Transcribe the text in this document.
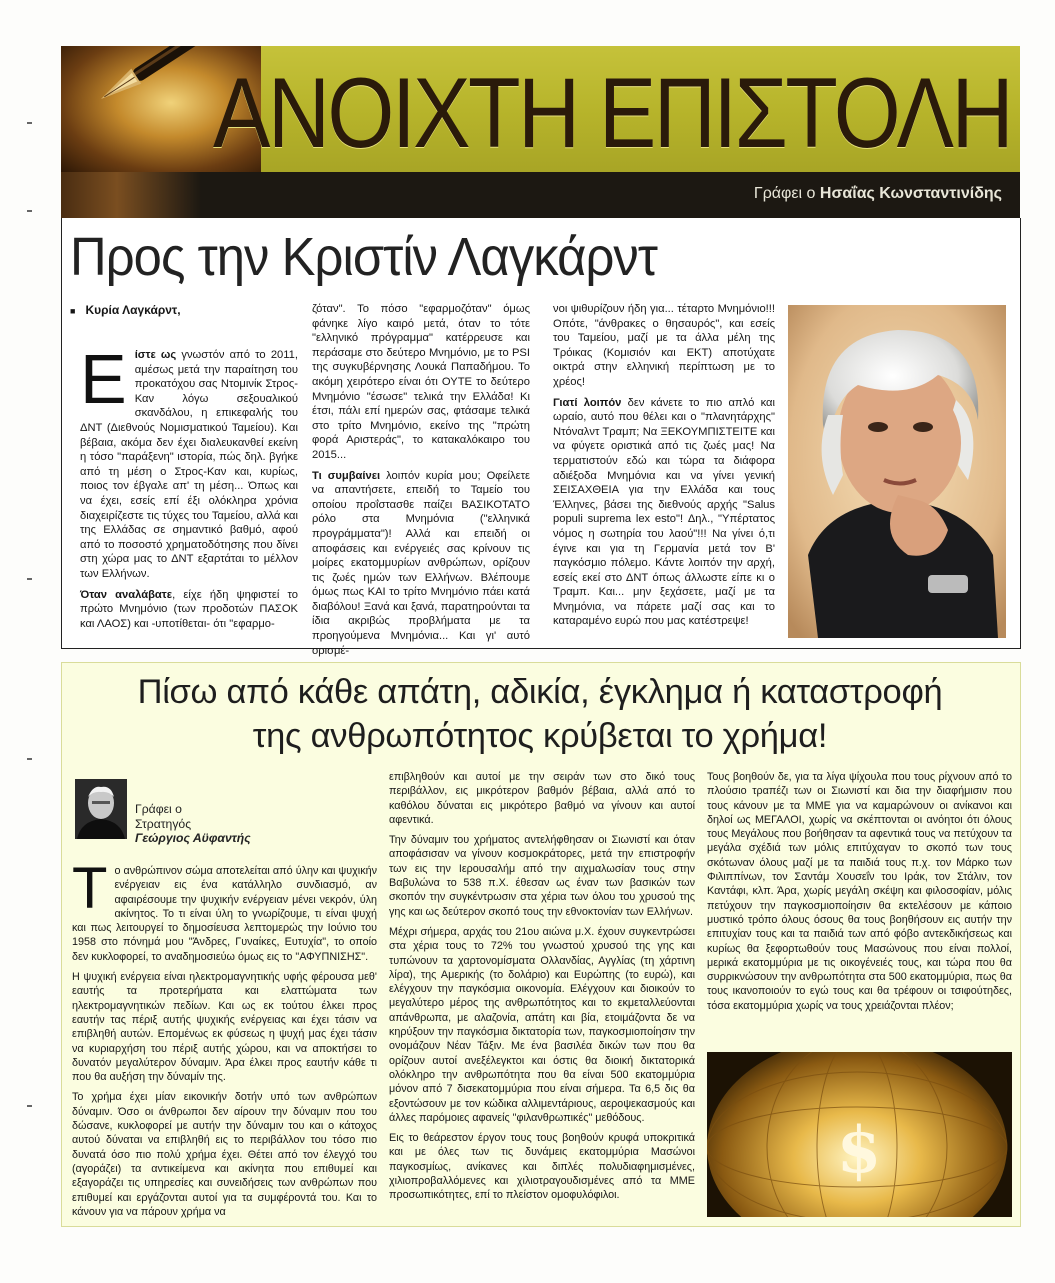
ΑΝΟΙΧΤΗ ΕΠΙΣΤΟΛΗ
Γράφει ο Ησαΐας Κωνσταντινίδης
Προς την Κριστίν Λαγκάρντ
■ Κυρία Λαγκάρντ,

Ε ίστε ως γνωστόν από το 2011, αμέσως μετά την παραίτηση του προκατόχου σας Ντομινίκ Στρος-Καν λόγω σεξουαλικού σκανδάλου, η επικεφαλής του ΔΝΤ (Διεθνούς Νομισματικού Ταμείου). Και βέβαια, ακόμα δεν έχει διαλευκανθεί εκείνη η τόσο "παράξενη" ιστορία, πώς δηλ. βγήκε από τη μέση ο Στρος-Καν και, κυρίως, ποιος τον έβγαλε απ' τη μέση... Όπως και να έχει, εσείς επί έξι ολόκληρα χρόνια διαχειρίζεστε τις τύχες του Ταμείου, αλλά και της Ελλάδας σε σημαντικό βαθμό, αφού από το ποσοστό χρηματοδότησης που δίνει στη χώρα μας το ΔΝΤ εξαρτάται το μέλλον των Ελλήνων.

Όταν αναλάβατε, είχε ήδη ψηφιστεί το πρώτο Μνημόνιο (των προδοτών ΠΑΣΟΚ και ΛΑΟΣ) και -υποτίθεται- ότι "εφαρμο-

ζόταν". Το πόσο "εφαρμοζόταν" όμως φάνηκε λίγο καιρό μετά, όταν το τότε "ελληνικό πρόγραμμα" κατέρρευσε και περάσαμε στο δεύτερο Μνημόνιο, με το PSI της συγκυβέρνησης Λουκά Παπαδήμου. Το ακόμη χειρότερο είναι ότι ΟΥΤΕ το δεύτερο Μνημόνιο "έσωσε" τελικά την Ελλάδα! Κι έτσι, πάλι επί ημερών σας, φτάσαμε τελικά στο τρίτο Μνημόνιο, εκείνο της "πρώτη φορά Αριστεράς", το κατακαλόκαιρο του 2015...

Τι συμβαίνει λοιπόν κυρία μου; Οφείλετε να απαντήσετε, επειδή το Ταμείο του οποίου προΐστασθε παίζει ΒΑΣΙΚΟΤΑΤΟ ρόλο στα Μνημόνια ("ελληνικά προγράμματα")! Αλλά και επειδή οι αποφάσεις και ενέργειές σας κρίνουν τις μοίρες εκατομμυρίων ανθρώπων, ορίζουν τις ζωές ημών των Ελλήνων. Βλέπουμε όμως πως ΚΑΙ το τρίτο Μνημόνιο πάει κατά διαβόλου! Ξανά και ξανά, παρατηρούνται τα ίδια ακριβώς προβλήματα με τα προηγούμενα Μνημόνια... Και γι' αυτό ορισμέ-

νοι ψιθυρίζουν ήδη για... τέταρτο Μνημόνιο!!! Οπότε, "άνθρακες ο θησαυρός", και εσείς του Ταμείου, μαζί με τα άλλα μέλη της Τρόικας (Κομισιόν και ΕΚΤ) αποτύχατε οικτρά στην ελληνική περίπτωση με το χρέος!

Γιατί λοιπόν δεν κάνετε το πιο απλό και ωραίο, αυτό που θέλει και ο "πλανητάρχης" Ντόναλντ Τραμπ; Να ΞΕΚΟΥΜΠΙΣΤΕΙΤΕ και να φύγετε οριστικά από τις ζωές μας! Να τερματιστούν εδώ και τώρα τα διάφορα αδιέξοδα Μνημόνια και να γίνει γενική ΣΕΙΣΑΧΘΕΙΑ για την Ελλάδα και τους Έλληνες, βάσει της διεθνούς αρχής "Salus populi suprema lex esto"! Δηλ., "Υπέρτατος νόμος η σωτηρία του λαού"!!! Να γίνει ό,τι έγινε και για τη Γερμανία μετά τον Β' παγκόσμιο πόλεμο. Κάντε λοιπόν την αρχή, εσείς εκεί στο ΔΝΤ όπως άλλωστε είπε κι ο Τραμπ. Και... μην ξεχάσετε, μαζί με τα Μνημόνια, να πάρετε μαζί σας και το καταραμένο ευρώ που μας κατέστρεψε!

Πίσω από κάθε απάτη, αδικία, έγκλημα ή καταστροφή
της ανθρωπότητος κρύβεται το χρήμα!
Γράφει ο
Στρατηγός
Γεώργιος Αϋφαντής

Το ανθρώπινον σώμα αποτελείται από ύλην και ψυχικήν ενέργειαν εις ένα κατάλληλο συνδιασμό, αν αφαιρέσουμε την ψυχικήν ενέργειαν μένει νεκρόν, ύλη ακίνητος. Το τι είναι ύλη το γνωρίζουμε, τι είναι ψυχή και πως λειτουργεί το δημοσίευσα λεπτομερώς την Ιούνιο του 1958 στο πόνημά μου "Άνδρες, Γυναίκες, Ευτυχία", το οποίο δεν κυκλοφορεί, το αναδημοσιεύω όμως εις το "ΑΦΥΠΝΙΣΗΣ".

Η ψυχική ενέργεια είναι ηλεκτρομαγνητικής υφής φέρουσα μεθ' εαυτής τα προτερήματα και ελαττώματα των ηλεκτρομαγνητικών πεδίων. Και ως εκ τούτου έλκει προς εαυτήν τας πέριξ αυτής ψυχικής ενέργειας και έχει τάσιν να επιβληθή αυτών. Επομένως εκ φύσεως η ψυχή μας έχει τάσιν να κυριαρχήση του πέριξ αυτής χώρου, και να αποκτήσει το δυνατόν μεγαλύτερον δύναμιν. Άρα έλκει προς εαυτήν κάθε τι που θα αυξήση την δύναμίν της.

Το χρήμα έχει μίαν εικονικήν δοτήν υπό των ανθρώπων δύναμιν. Όσο οι άνθρωποι δεν αίρουν την δύναμιν που του δώσανε, κυκλοφορεί με αυτήν την δύναμιν του και ο κάτοχος αυτού δύναται να επιβληθή εις το περιβάλλον του τόσο πιο δυνατά όσο πιο πολύ χρήμα έχει. Θέτει από τον έλεγχό του (αγοράζει) τα αντικείμενα και ακίνητα που επιθυμεί και εξαγοράζει τις υπηρεσίες και συνειδήσεις των ανθρώπων που επιθυμεί και εργάζονται αυτοί για τα συμφέροντά του. Και το κάνουν για να πάρουν χρήμα να

επιβληθούν και αυτοί με την σειράν των στο δικό τους περιβάλλον, εις μικρότερον βαθμόν βέβαια, αλλά από το καθόλου δύναται εις μικρότερο βαθμό να γίνουν και αυτοί αφεντικά.

Την δύναμιν του χρήματος αντελήφθησαν οι Σιωνιστί και όταν αποφάσισαν να γίνουν κοσμοκράτορες, μετά την επιστροφήν των εις την Ιερουσαλήμ από την αιχμαλωσίαν τους στην Βαβυλώνα το 538 π.Χ. έθεσαν ως έναν των βασικών των σκοπόν την συγκέντρωσιν στα χέρια των όλου του χρυσού της γης και ως δεύτερον σκοπό τους την εθνοκτονίαν των Ελλήνων.

Μέχρι σήμερα, αρχάς του 21ου αιώνα μ.Χ. έχουν συγκεντρώσει στα χέρια τους το 72% του γνωστού χρυσού της γης και τυπώνουν τα χαρτονομίσματα Ολλανδίας, Αγγλίας (τη χάρτινη λίρα), της Αμερικής (το δολάριο) και Ευρώπης (το ευρώ), και ελέγχουν την παγκόσμια οικονομία. Ελέγχουν και διοικούν το μεγαλύτερο μέρος της ανθρωπότητος και το εκμεταλλεύονται απάνθρωπα, με αλαζονία, απάτη και βία, ετοιμάζοντα δε να κηρύξουν την παγκόσμια δικτατορία των, παγκοσμιοποίησιν την ονομάζουν Νέαν Τάξιν. Με ένα βασιλέα δικών των που θα ορίζουν αυτοί ανεξέλεγκτοι και όστις θα διοική δικτατορικά ολόκληρο την ανθρωπότητα που θα είναι 500 εκατομμύρια μόνον από 7 δισεκατομμύρια που είναι σήμερα. Τα 6,5 δις θα εξοντώσουν με τον κώδικα αλλιμεντάριους, αεροψεκασμούς και άλλες παρόμοιες αφανείς "φιλανθρωπικές" μεθόδους.

Εις το θεάρεστον έργον τους τους βοηθούν κρυφά υποκριτικά και με όλες των τις δυνάμεις εκατομμύρια Μασώνοι παγκοσμίως, ανίκανες και διπλές πολυδιαφημισμένες, χιλιοπροβαλλόμενες και χιλιοτραγουδισμένες από τα ΜΜΕ προσωπικότητες, επί το πλείστον ομοφυλόφιλοι.

Τους βοηθούν δε, για τα λίγα ψίχουλα που τους ρίχνουν από το πλούσιο τραπέζι των οι Σιωνιστί και δια την διαφήμισιν που τους κάνουν με τα ΜΜΕ για να καμαρώνουν οι ανίκανοι και δηλοί ως ΜΕΓΑΛΟΙ, χωρίς να σκέπτονται οι ανόητοι ότι όλους τους Μεγάλους που βοήθησαν τα αφεντικά τους να πετύχουν τα μεγάλα σχέδιά των μόλις επιτύχαγαν το σκοπό των τους σκότωναν όλους μαζί με τα παιδιά τους π.χ. τον Μάρκο των Φιλιππίνων, τον Σαντάμ Χουσεΐν του Ιράκ, τον Στάλιν, τον Καντάφι, κλπ. Άρα, χωρίς μεγάλη σκέψη και φιλοσοφίαν, μόλις πετύχουν την παγκοσμιοποίησιν θα εκτελέσουν με κάποιο μυστικό τρόπο όλους όσους θα τους βοηθήσουν εις αυτήν την επιτυχίαν τους και τα παιδιά των από φόβο αντεκδικήσεως και κυρίως θα ξεφορτωθούν τους Μασώνους που είναι πολλοί, μερικά εκατομμύρια με τις οικογένειές τους, και τώρα που θα συρρικνώσουν την ανθρωπότητα στα 500 εκατομμύρια, πως θα τους ικανοποιούν το εγώ τους και θα τρέφουν οι τσιφούτηδες, τόσα εκατομμύρια χωρίς να τους χρειάζονται πλέον;

$
